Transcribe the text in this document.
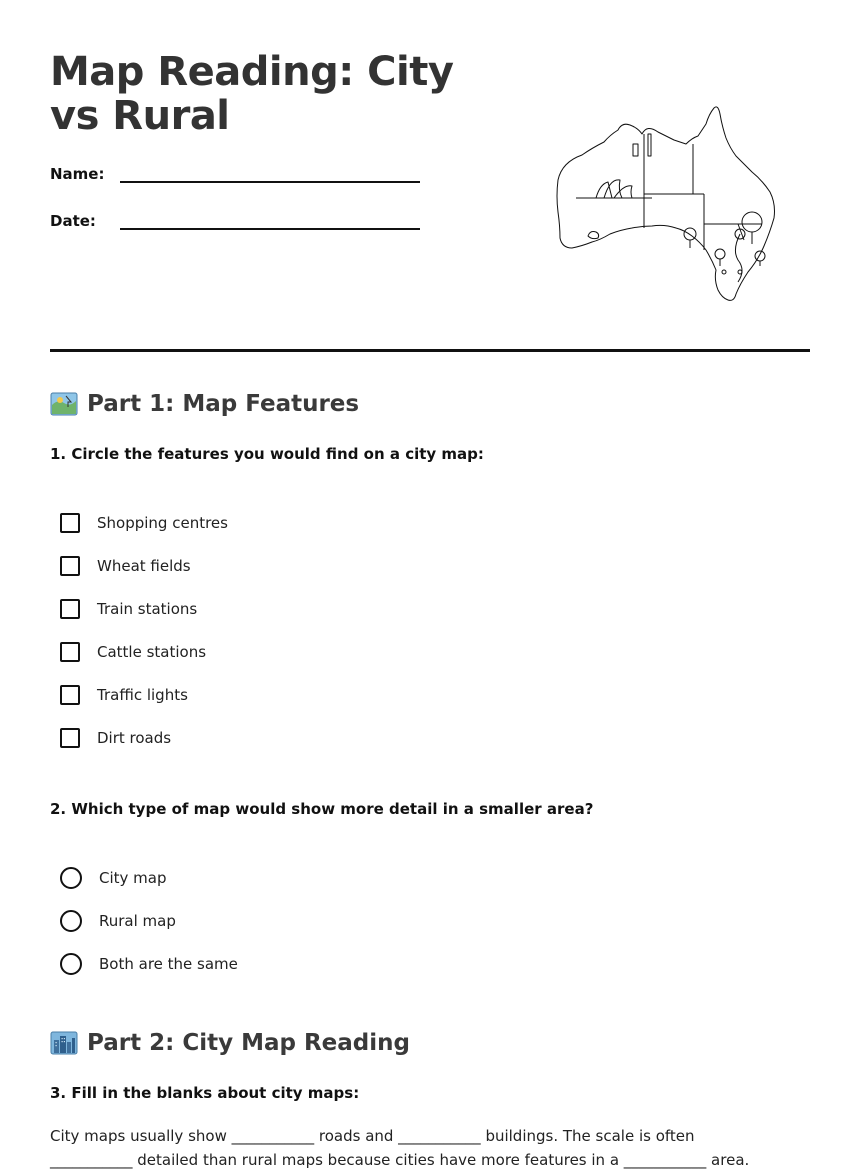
Map Reading: City vs Rural
Name:
Date:
Part 1: Map Features

1. Circle the features you would find on a city map:

Shopping centres
Wheat fields
Train stations
Cattle stations
Traffic lights
Dirt roads

2. Which type of map would show more detail in a smaller area?

City map
Rural map
Both are the same
Part 2: City Map Reading

3. Fill in the blanks about city maps:

City maps usually show ___________ roads and ___________ buildings. The scale is often ___________ detailed than rural maps because cities have more features in a ___________ area.
